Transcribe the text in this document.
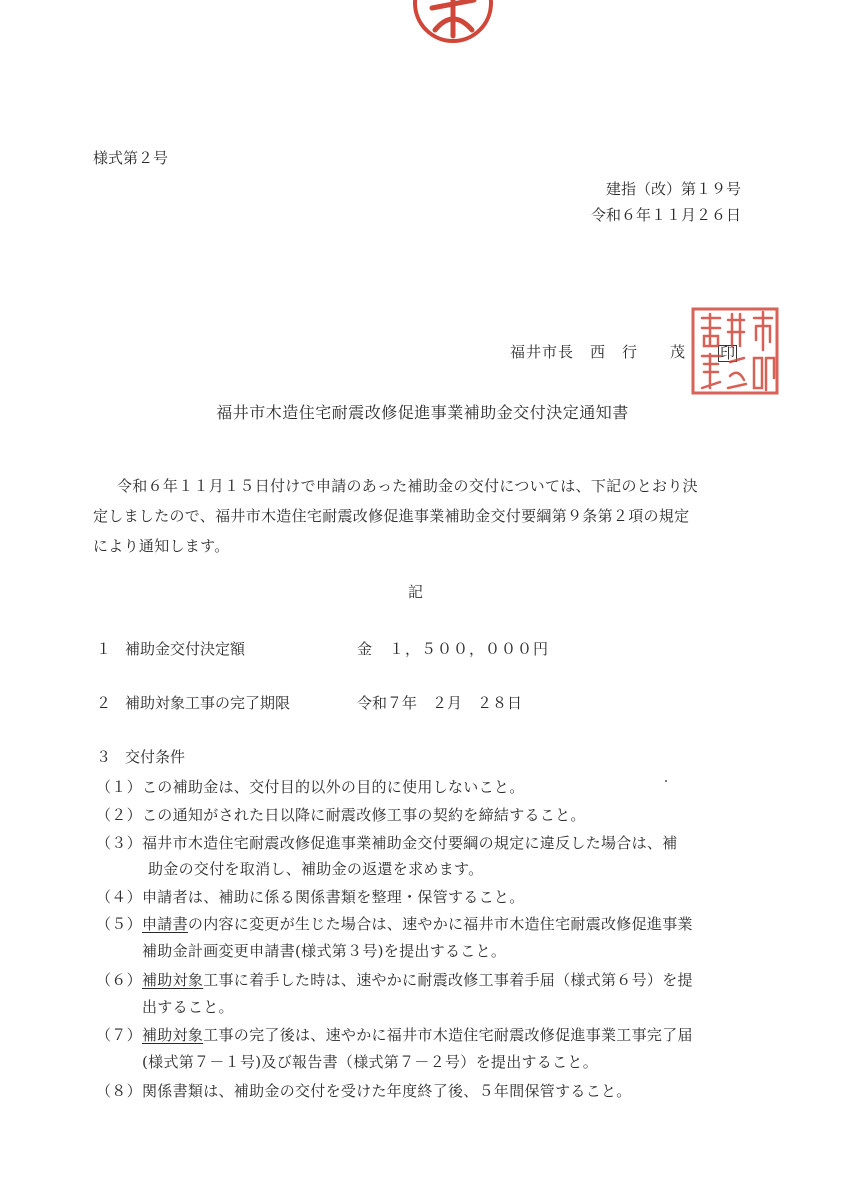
様式第２号
建指（改）第１９号
令和６年１１月２６日
福井市長　西　行　　茂 印
福井市木造住宅耐震改修促進事業補助金交付決定通知書
令和６年１１月１５日付けで申請のあった補助金の交付については、下記のとおり決
定しましたので、福井市木造住宅耐震改修促進事業補助金交付要綱第９条第２項の規定
により通知します。
記
１ 補助金交付決定額	金　１，５００，０００円
２ 補助対象工事の完了期限	令和７年　２月　２８日
３ 交付条件
（１） この補助金は、交付目的以外の目的に使用しないこと。
（２） この通知がされた日以降に耐震改修工事の契約を締結すること。
（３） 福井市木造住宅耐震改修促進事業補助金交付要綱の規定に違反した場合は、補
助金の交付を取消し、補助金の返還を求めます。
（４） 申請者は、補助に係る関係書類を整理・保管すること。
（５） 申請書の内容に変更が生じた場合は、速やかに福井市木造住宅耐震改修促進事業
補助金計画変更申請書(様式第３号)を提出すること。
（６） 補助対象工事に着手した時は、速やかに耐震改修工事着手届（様式第６号）を提
出すること。
（７） 補助対象工事の完了後は、速やかに福井市木造住宅耐震改修促進事業工事完了届
(様式第７－１号)及び報告書（様式第７－２号）を提出すること。
（８） 関係書類は、補助金の交付を受けた年度終了後、５年間保管すること。
